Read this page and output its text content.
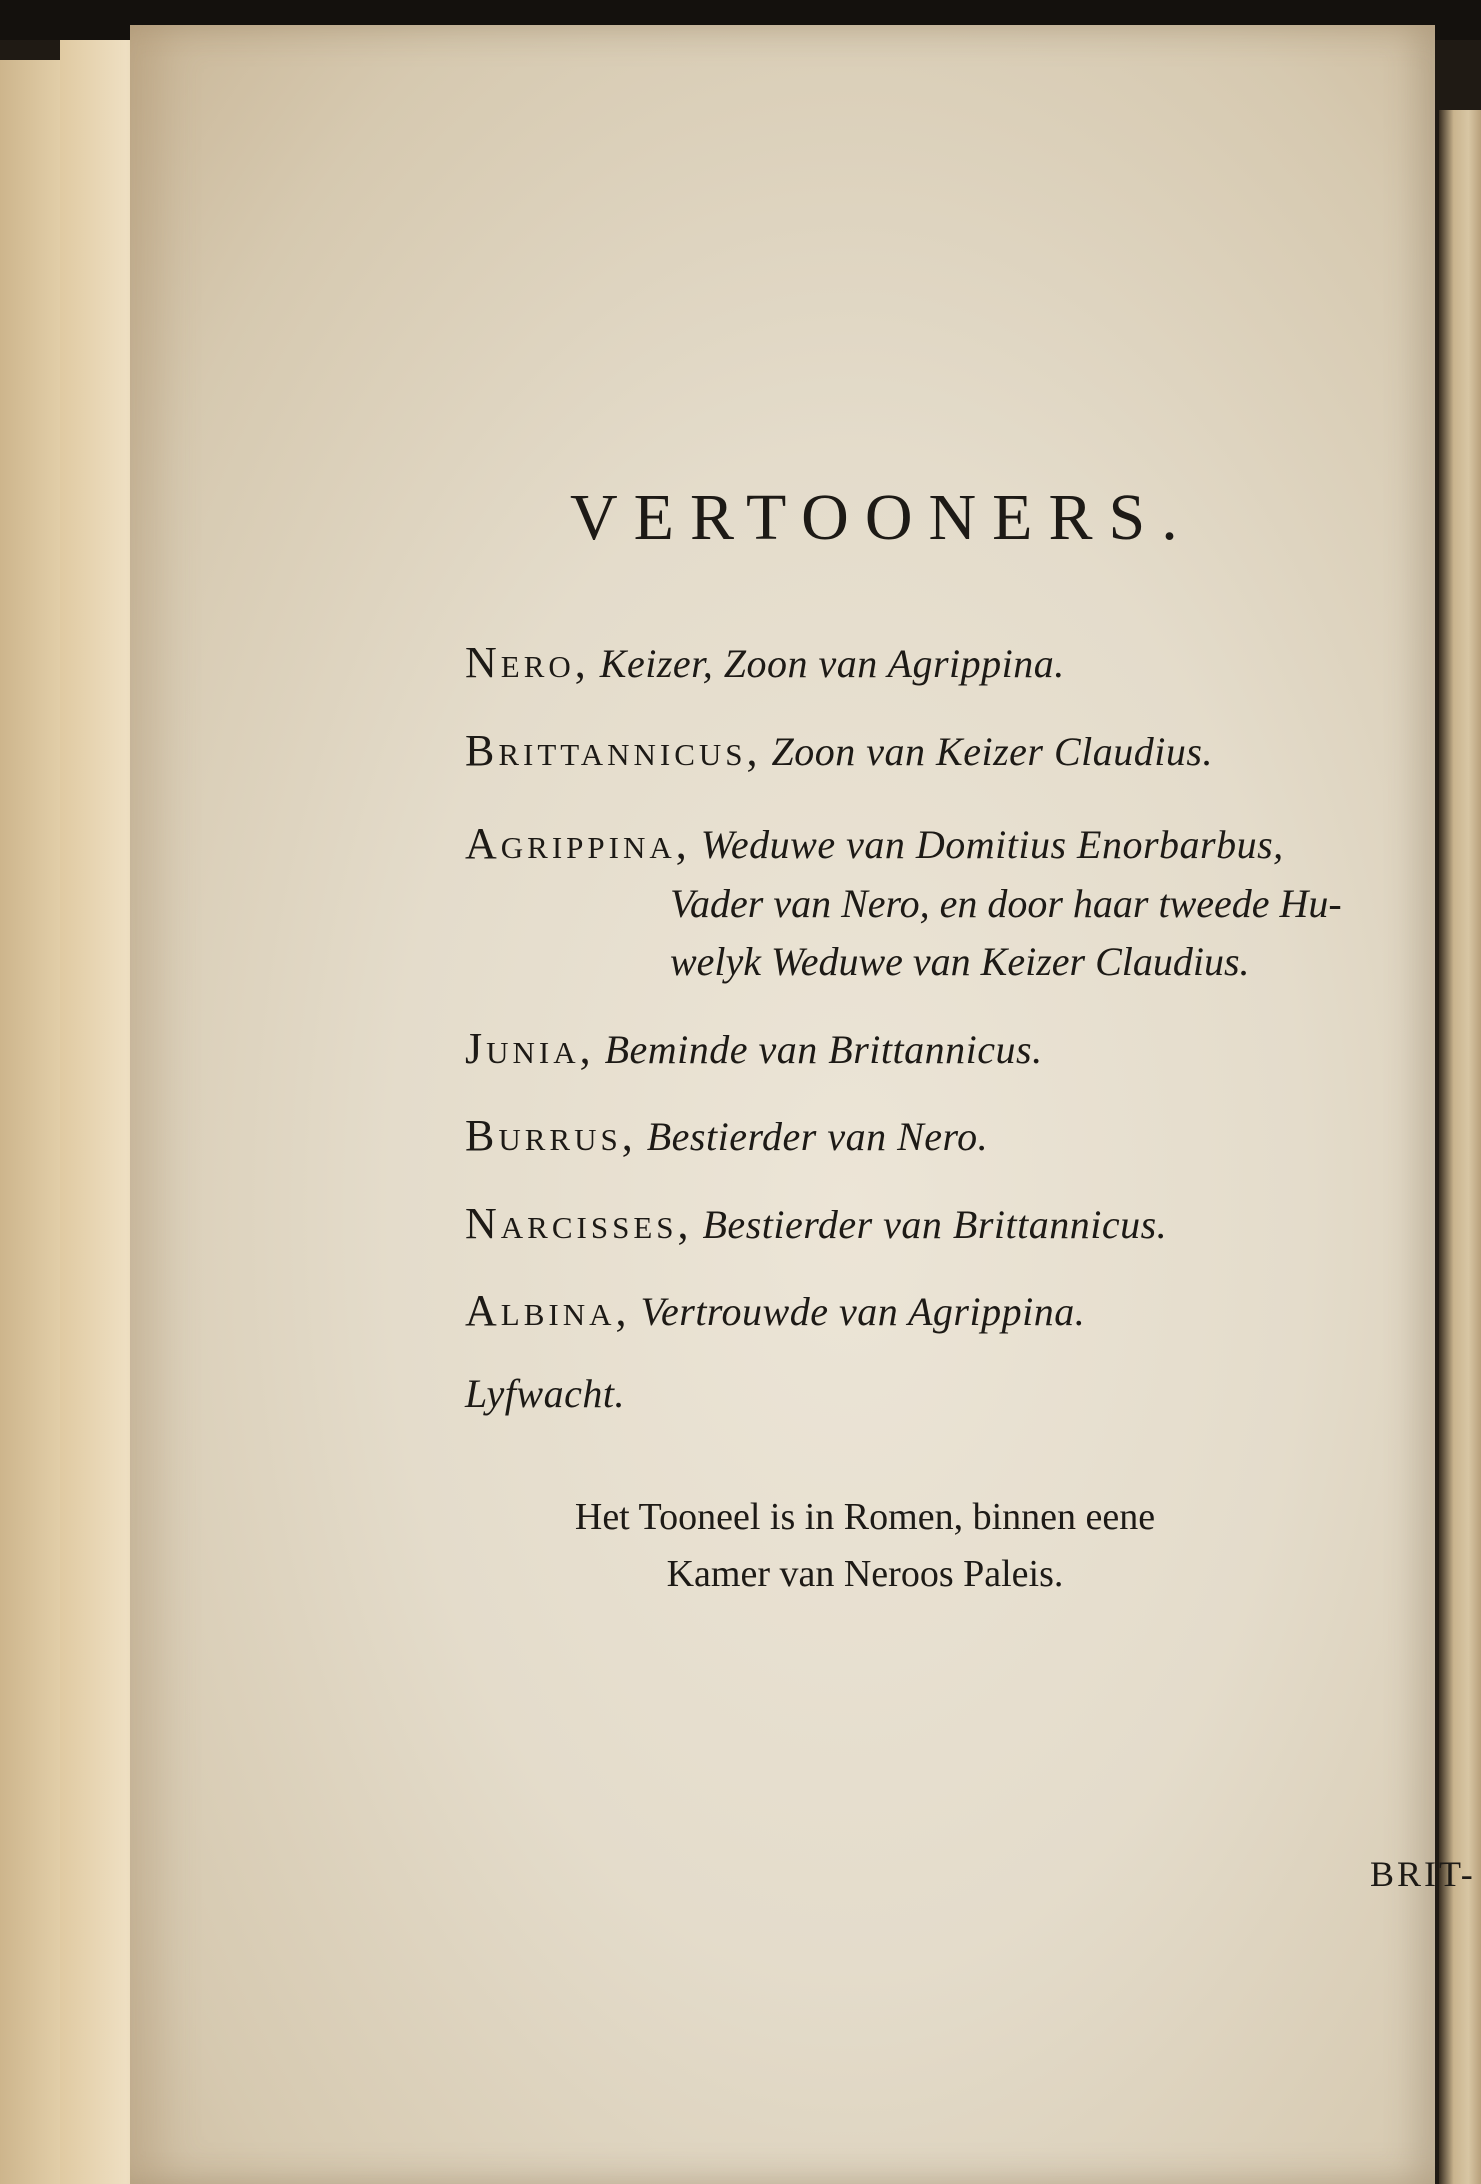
VERTOONERS.
Nero, Keizer, Zoon van Agrippina.
Brittannicus, Zoon van Keizer Claudius.
Agrippina, Weduwe van Domitius Enorbarbus,
Vader van Nero, en door haar tweede Hu-
welyk Weduwe van Keizer Claudius.
Junia, Beminde van Brittannicus.
Burrus, Bestierder van Nero.
Narcisses, Bestierder van Brittannicus.
Albina, Vertrouwde van Agrippina.
Lyfwacht.
Het Tooneel is in Romen, binnen eene
Kamer van Neroos Paleis.
BRIT-
